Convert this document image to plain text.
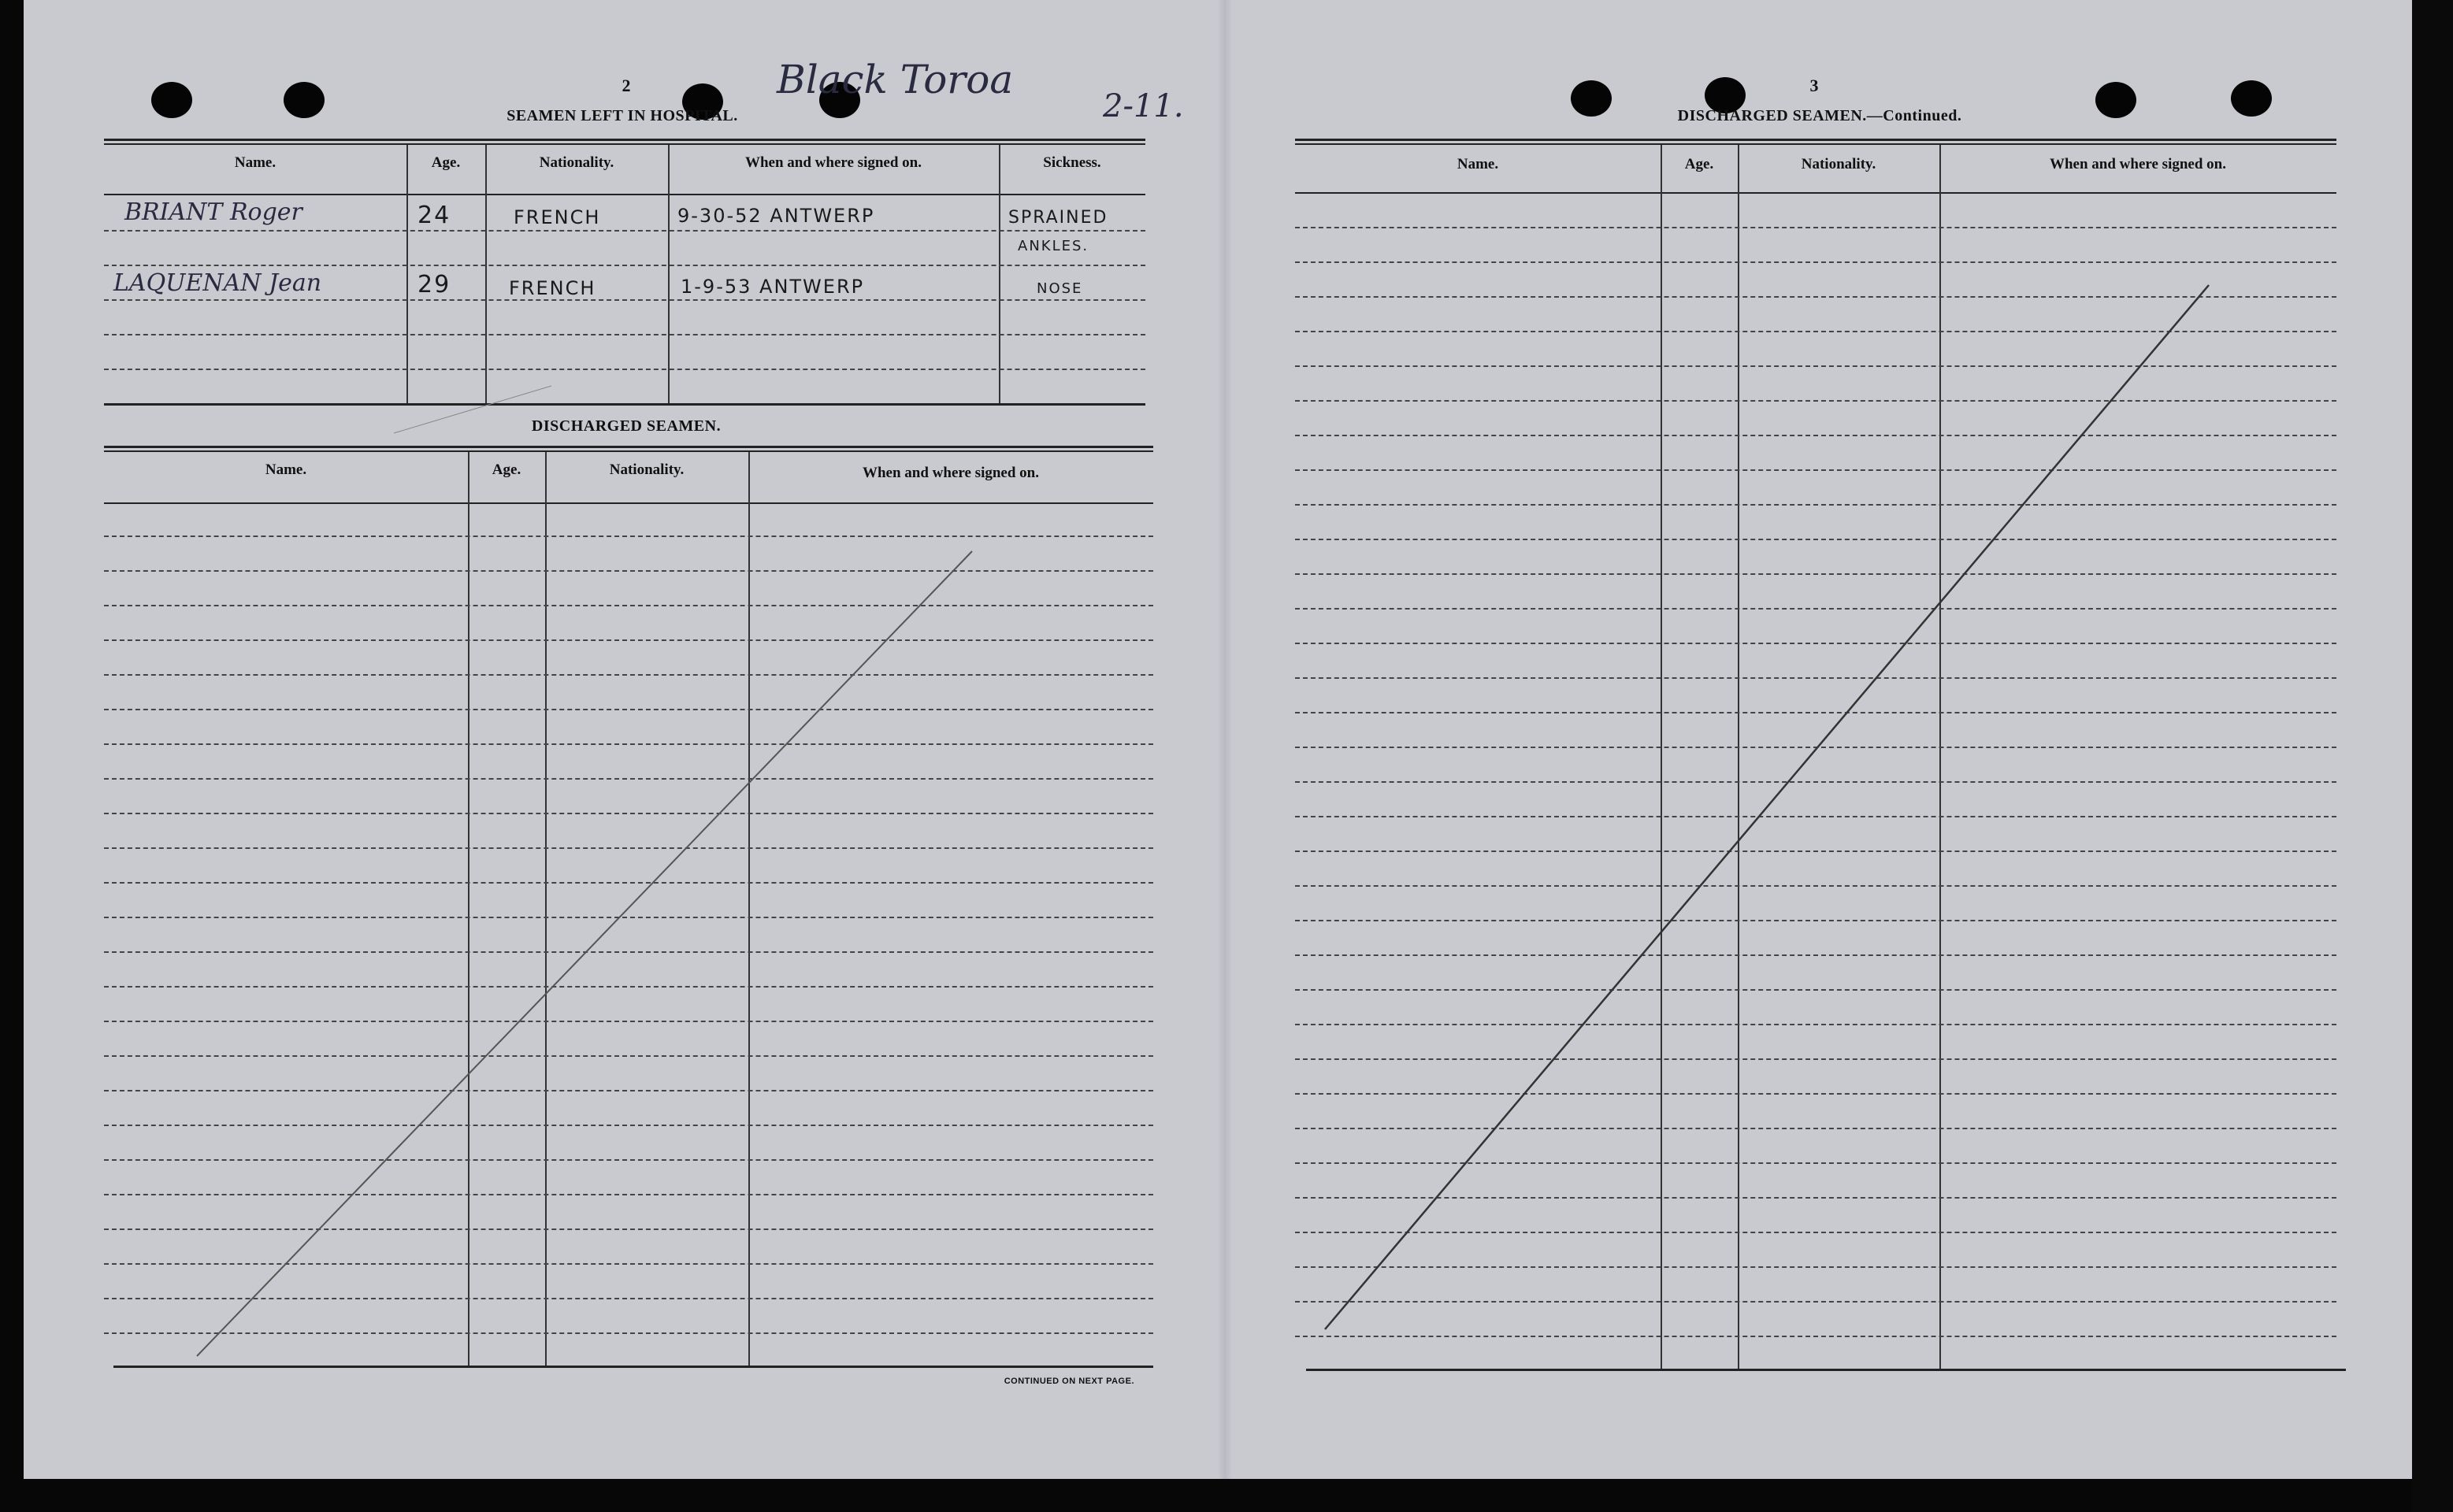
2
SEAMEN LEFT IN HOSPITAL.
Black Toroa
2-11.
Name.	Age.	Nationality.	When and where signed on.	Sickness.
BRIANT Roger	24	FRENCH	9-30-52 ANTWERP	SPRAINED
ANKLES.
LAQUENAN Jean	29	FRENCH	1-9-53 ANTWERP	NOSE
DISCHARGED SEAMEN.
Name.	Age.	Nationality.	When and where signed on.
CONTINUED ON NEXT PAGE.
3
DISCHARGED SEAMEN.—Continued.
Name.	Age.	Nationality.	When and where signed on.
